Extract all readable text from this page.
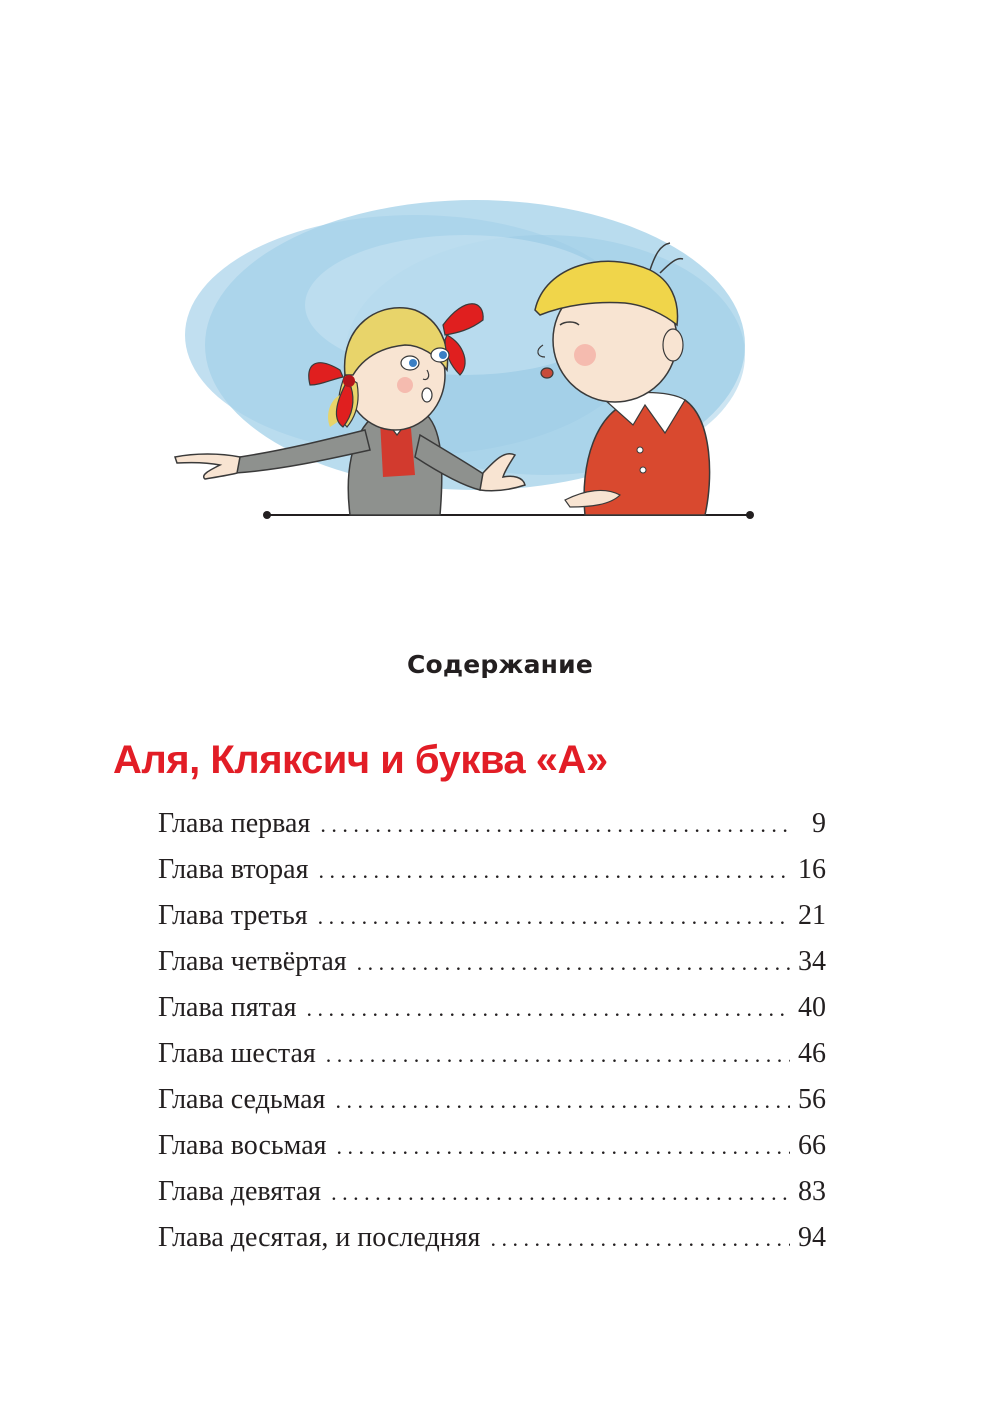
Содержание
Аля, Кляксич и буква «А»
Глава первая . . .	9
Глава вторая . . .	16
Глава третья . . .	21
Глава четвёртая . . .	34
Глава пятая . . .	40
Глава шестая . . .	46
Глава седьмая . . .	56
Глава восьмая . . .	66
Глава девятая . . .	83
Глава десятая, и последняя . . .	94
